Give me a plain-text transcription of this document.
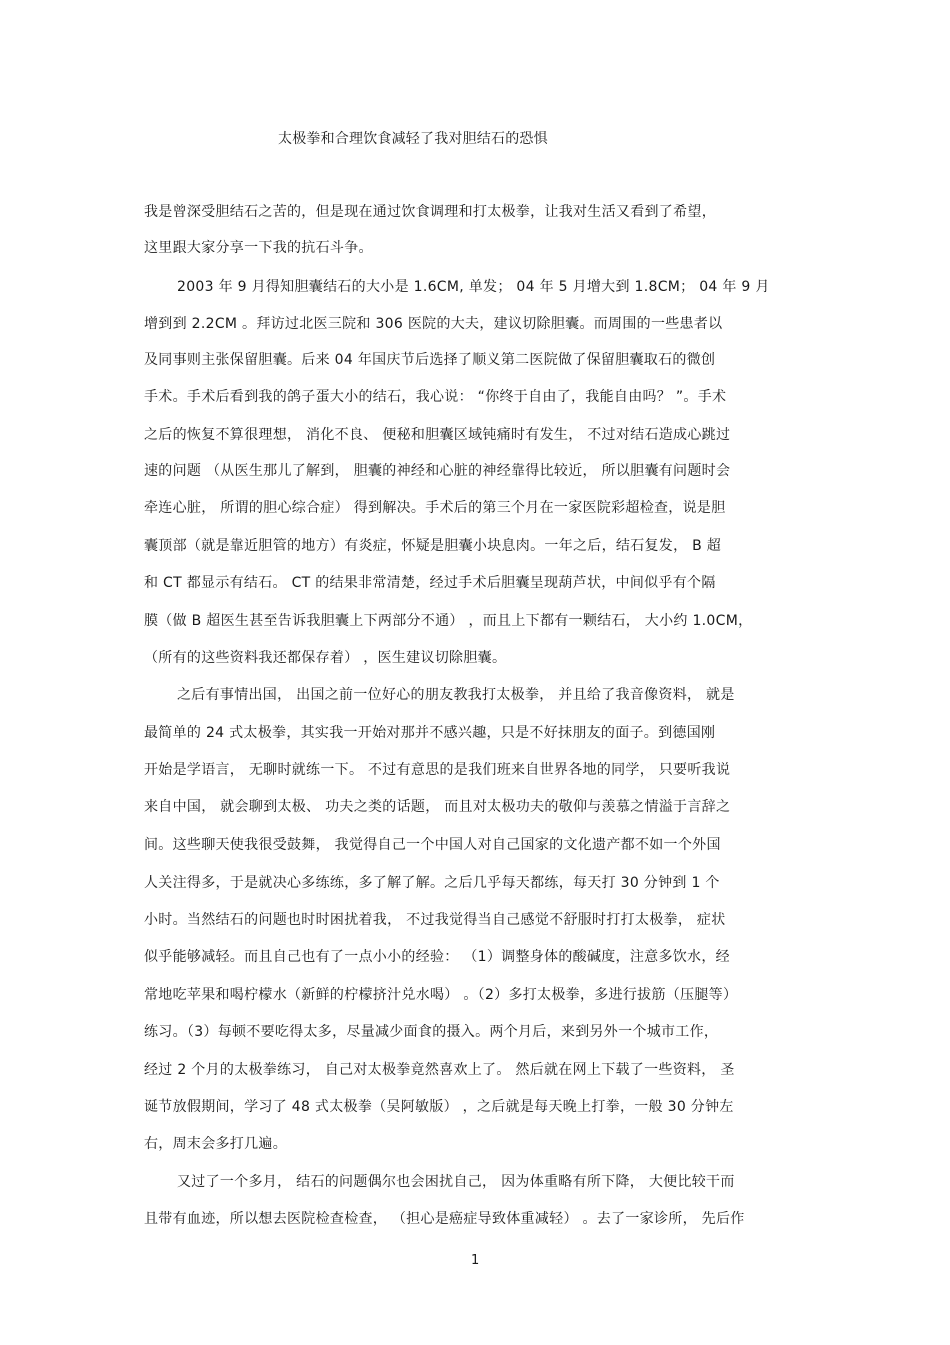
太极拳和合理饮食减轻了我对胆结石的恐惧
我是曾深受胆结石之苦的，但是现在通过饮食调理和打太极拳，让我对生活又看到了希望，
这里跟大家分享一下我的抗石斗争。
2003 年 9 月得知胆囊结石的大小是 1.6CM, 单发； 04 年 5 月增大到 1.8CM； 04 年 9 月
增到到 2.2CM 。拜访过北医三院和 306 医院的大夫，建议切除胆囊。而周围的一些患者以
及同事则主张保留胆囊。后来 04 年国庆节后选择了顺义第二医院做了保留胆囊取石的微创
手术。手术后看到我的鸽子蛋大小的结石，我心说： “你终于自由了，我能自由吗？ ”。手术
之后的恢复不算很理想， 消化不良、 便秘和胆囊区域钝痛时有发生， 不过对结石造成心跳过
速的问题 （从医生那儿了解到， 胆囊的神经和心脏的神经靠得比较近， 所以胆囊有问题时会
牵连心脏， 所谓的胆心综合症） 得到解决。手术后的第三个月在一家医院彩超检查，说是胆
囊顶部（就是靠近胆管的地方）有炎症，怀疑是胆囊小块息肉。一年之后，结石复发， B 超
和 CT 都显示有结石。 CT 的结果非常清楚，经过手术后胆囊呈现葫芦状，中间似乎有个隔
膜（做 B 超医生甚至告诉我胆囊上下两部分不通） ，而且上下都有一颗结石， 大小约 1.0CM，
（所有的这些资料我还都保存着） ，医生建议切除胆囊。
之后有事情出国， 出国之前一位好心的朋友教我打太极拳， 并且给了我音像资料， 就是
最简单的 24 式太极拳，其实我一开始对那并不感兴趣，只是不好抹朋友的面子。到德国刚
开始是学语言， 无聊时就练一下。 不过有意思的是我们班来自世界各地的同学， 只要听我说
来自中国， 就会聊到太极、 功夫之类的话题， 而且对太极功夫的敬仰与羡慕之情溢于言辞之
间。这些聊天使我很受鼓舞， 我觉得自己一个中国人对自己国家的文化遗产都不如一个外国
人关注得多，于是就决心多练练，多了解了解。之后几乎每天都练，每天打 30 分钟到 1 个
小时。当然结石的问题也时时困扰着我， 不过我觉得当自己感觉不舒服时打打太极拳， 症状
似乎能够减轻。而且自己也有了一点小小的经验： （1）调整身体的酸碱度，注意多饮水，经
常地吃苹果和喝柠檬水（新鲜的柠檬挤汁兑水喝） 。（2）多打太极拳，多进行拔筋（压腿等）
练习。（3）每顿不要吃得太多，尽量减少面食的摄入。两个月后，来到另外一个城市工作，
经过 2 个月的太极拳练习， 自己对太极拳竟然喜欢上了。 然后就在网上下载了一些资料， 圣
诞节放假期间，学习了 48 式太极拳（吴阿敏版） ，之后就是每天晚上打拳，一般 30 分钟左
右，周末会多打几遍。
又过了一个多月， 结石的问题偶尔也会困扰自己， 因为体重略有所下降， 大便比较干而
且带有血迹，所以想去医院检查检查， （担心是癌症导致体重减轻） 。去了一家诊所， 先后作
1
